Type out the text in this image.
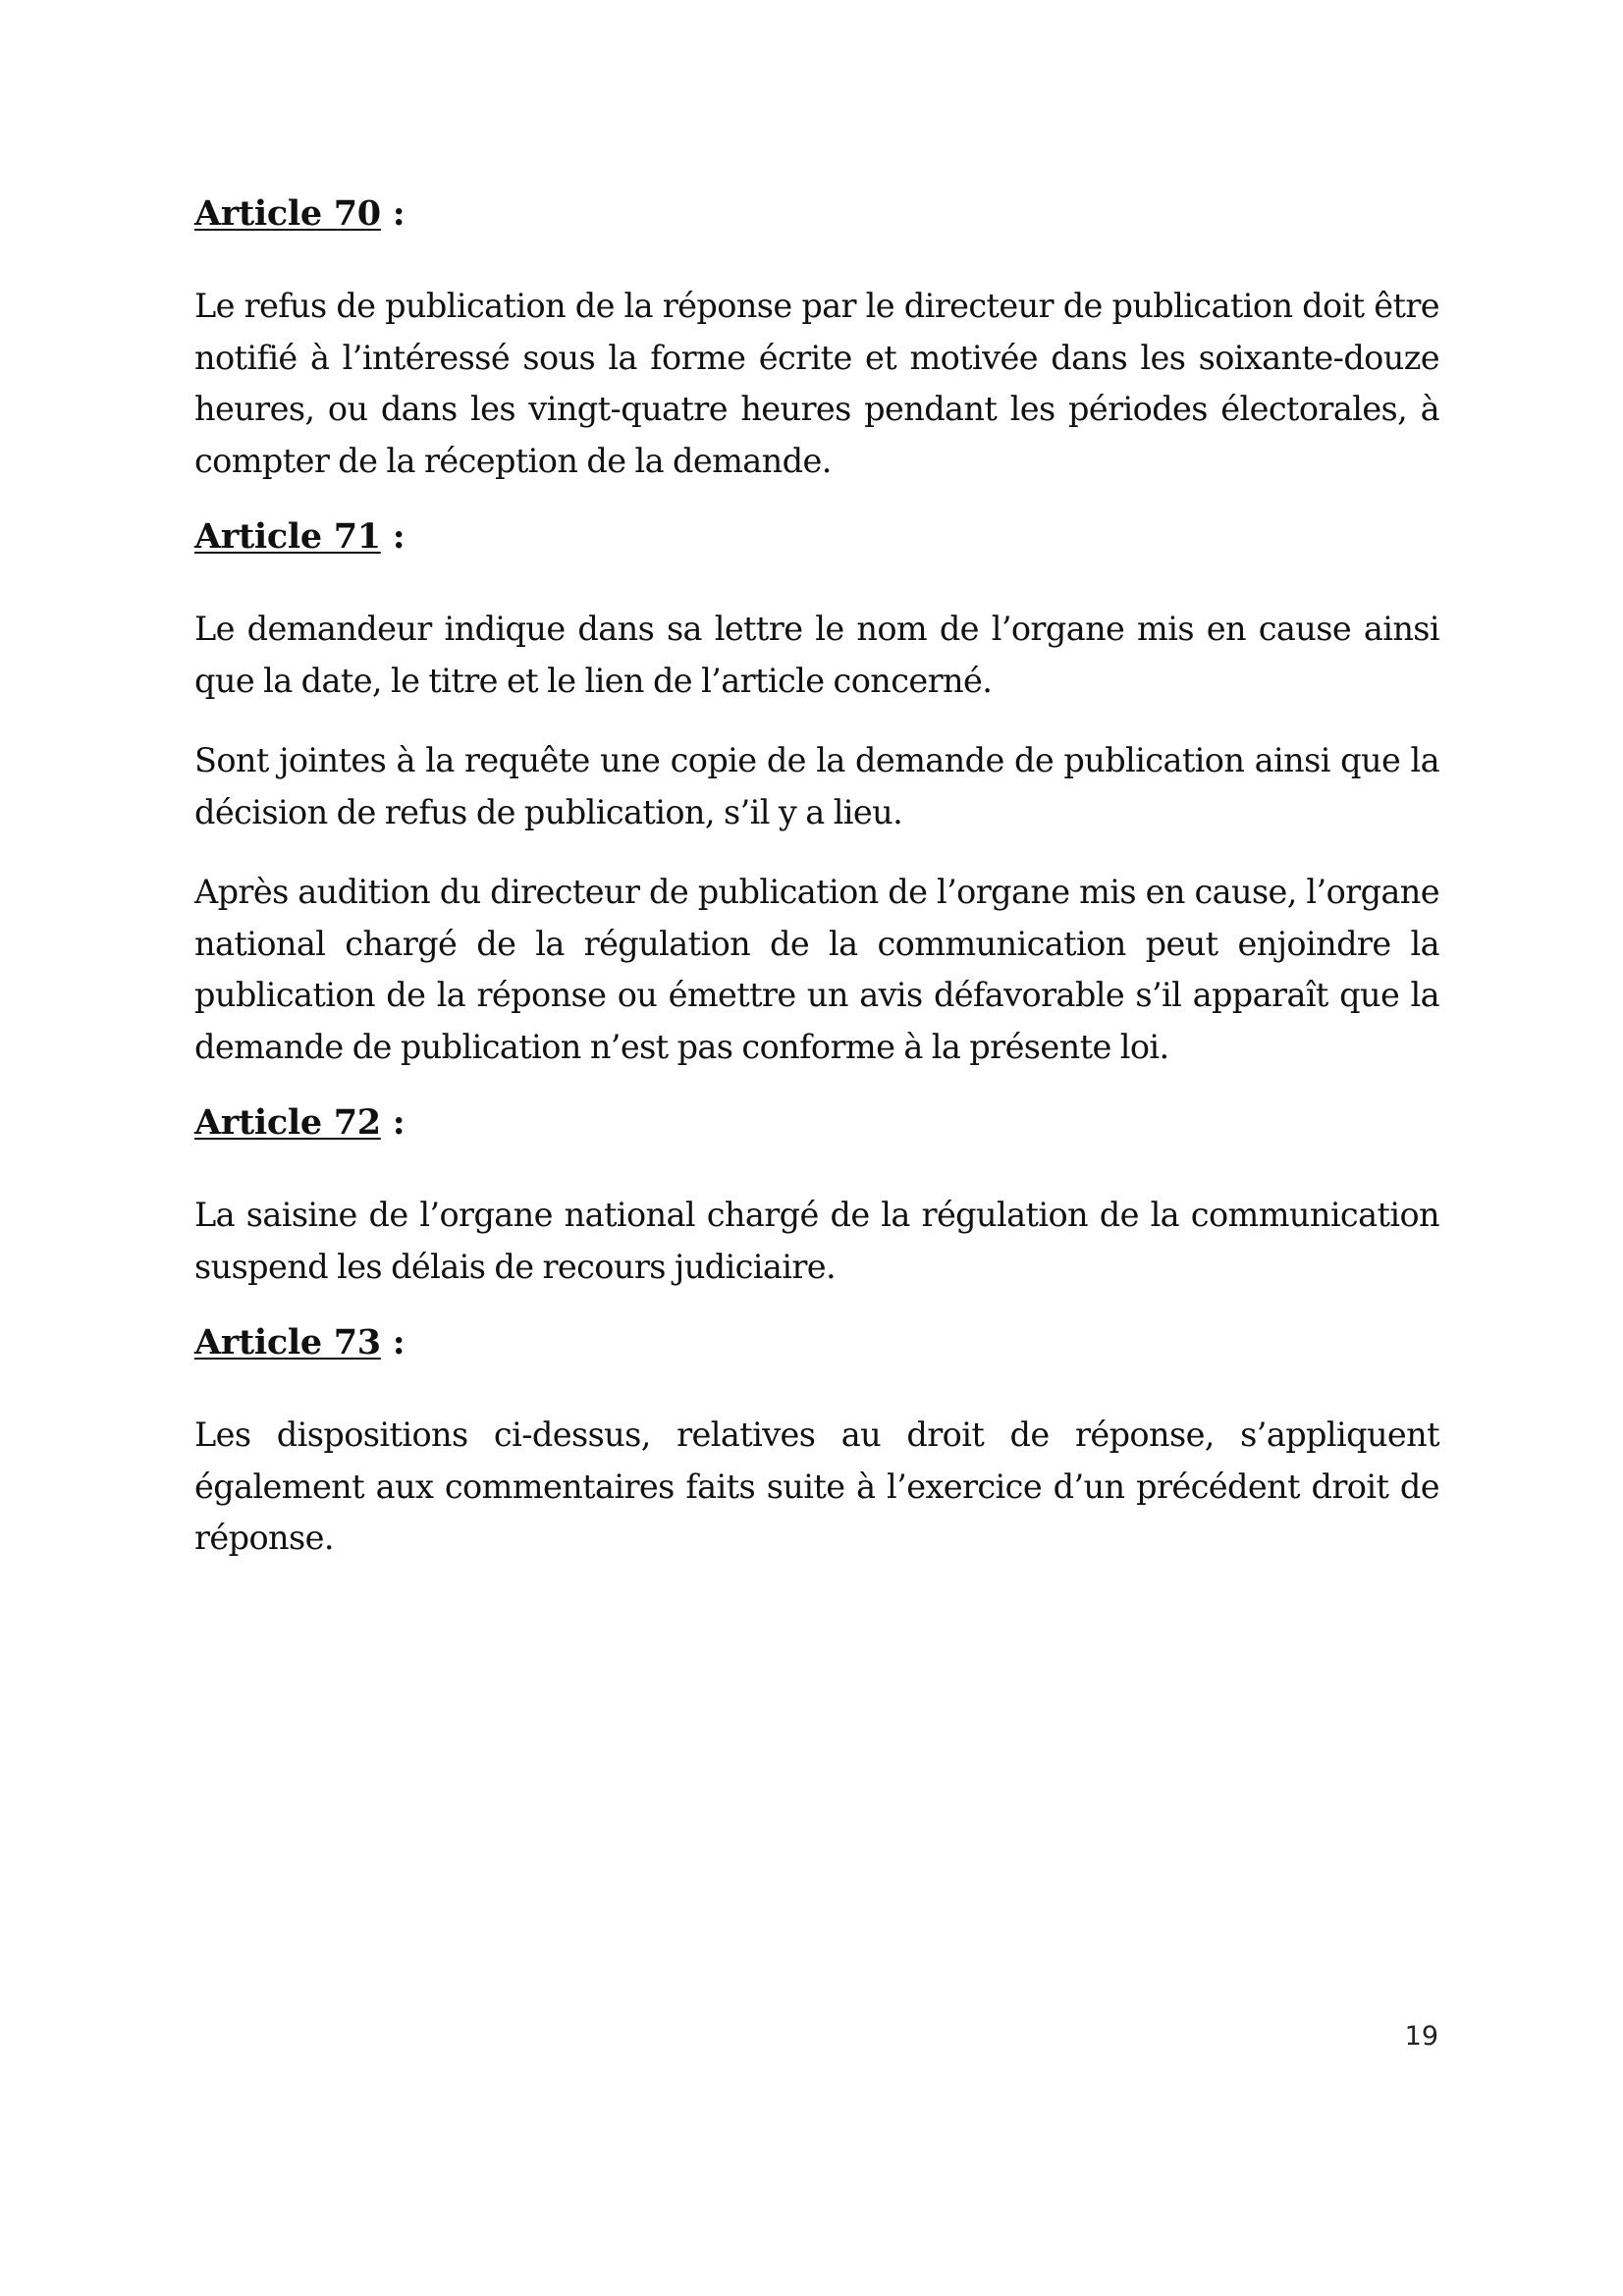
Article 70 :

Le refus de publication de la réponse par le directeur de publication doit être notifié à l’intéressé sous la forme écrite et motivée dans les soixante-douze heures, ou dans les vingt-quatre heures pendant les périodes électorales, à compter de la réception de la demande.

Article 71 :

Le demandeur indique dans sa lettre le nom de l’organe mis en cause ainsi que la date, le titre et le lien de l’article concerné.

Sont jointes à la requête une copie de la demande de publication ainsi que la décision de refus de publication, s’il y a lieu.

Après audition du directeur de publication de l’organe mis en cause, l’organe national chargé de la régulation de la communication peut enjoindre la publication de la réponse ou émettre un avis défavorable s’il apparaît que la demande de publication n’est pas conforme à la présente loi.

Article 72 :

La saisine de l’organe national chargé de la régulation de la communication suspend les délais de recours judiciaire.

Article 73 :

Les dispositions ci-dessus, relatives au droit de réponse, s’appliquent également aux commentaires faits suite à l’exercice d’un précédent droit de réponse.

19
